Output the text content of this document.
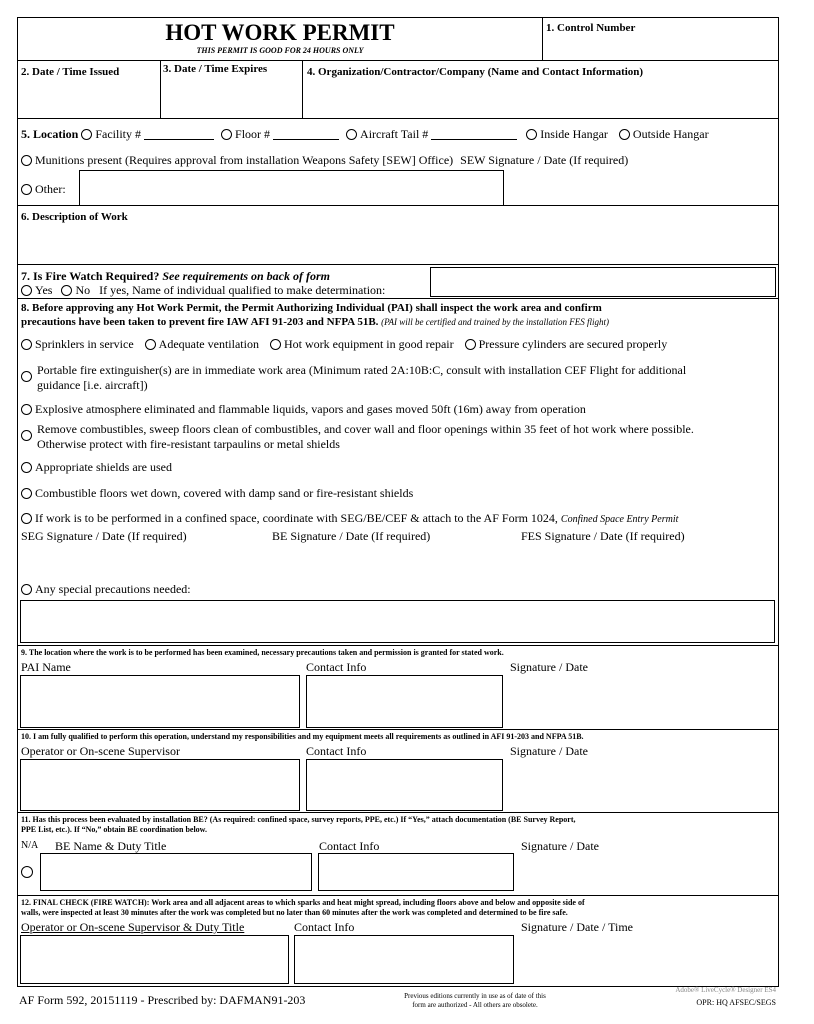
HOT WORK PERMIT
THIS PERMIT IS GOOD FOR 24 HOURS ONLY
1. Control Number
2. Date / Time Issued	3. Date / Time Expires	4. Organization/Contractor/Company (Name and Contact Information)
5. Location Facility #	Floor #	Aircraft Tail #	Inside Hangar Outside Hangar
Munitions present (Requires approval from installation Weapons Safety [SEW] Office) SEW Signature / Date (If required)
Other:
6. Description of Work
7. Is Fire Watch Required? See requirements on back of form
Yes No If yes, Name of individual qualified to make determination:
8. Before approving any Hot Work Permit, the Permit Authorizing Individual (PAI) shall inspect the work area and confirm
precautions have been taken to prevent fire IAW AFI 91-203 and NFPA 51B. (PAI will be certified and trained by the installation FES flight)
Sprinklers in service Adequate ventilation Hot work equipment in good repair Pressure cylinders are secured properly
Portable fire extinguisher(s) are in immediate work area (Minimum rated 2A:10B:C, consult with installation CEF Flight for additional
guidance [i.e. aircraft])
Explosive atmosphere eliminated and flammable liquids, vapors and gases moved 50ft (16m) away from operation
Remove combustibles, sweep floors clean of combustibles, and cover wall and floor openings within 35 feet of hot work where possible.
Otherwise protect with fire-resistant tarpaulins or metal shields
Appropriate shields are used
Combustible floors wet down, covered with damp sand or fire-resistant shields
If work is to be performed in a confined space, coordinate with SEG/BE/CEF & attach to the AF Form 1024, Confined Space Entry Permit
SEG Signature / Date (If required)	BE Signature / Date (If required)	FES Signature / Date (If required)
Any special precautions needed:
9. The location where the work is to be performed has been examined, necessary precautions taken and permission is granted for stated work.
PAI Name	Contact Info	Signature / Date
10. I am fully qualified to perform this operation, understand my responsibilities and my equipment meets all requirements as outlined in AFI 91-203 and NFPA 51B.
Operator or On-scene Supervisor	Contact Info	Signature / Date
11. Has this process been evaluated by installation BE? (As required: confined space, survey reports, PPE, etc.) If “Yes,” attach documentation (BE Survey Report,
PPE List, etc.). If “No,” obtain BE coordination below.
N/A BE Name & Duty Title	Contact Info	Signature / Date
12. FINAL CHECK (FIRE WATCH): Work area and all adjacent areas to which sparks and heat might spread, including floors above and below and opposite side of
walls, were inspected at least 30 minutes after the work was completed but no later than 60 minutes after the work was completed and determined to be fire safe.
Operator or On-scene Supervisor & Duty Title	Contact Info	Signature / Date / Time
AF Form 592, 20151119 - Prescribed by: DAFMAN91-203	Previous editions currently in use as of date of this
form are authorized - All others are obsolete.
Adobe® LiveCycle® Designer ES4
OPR: HQ AFSEC/SEGS
